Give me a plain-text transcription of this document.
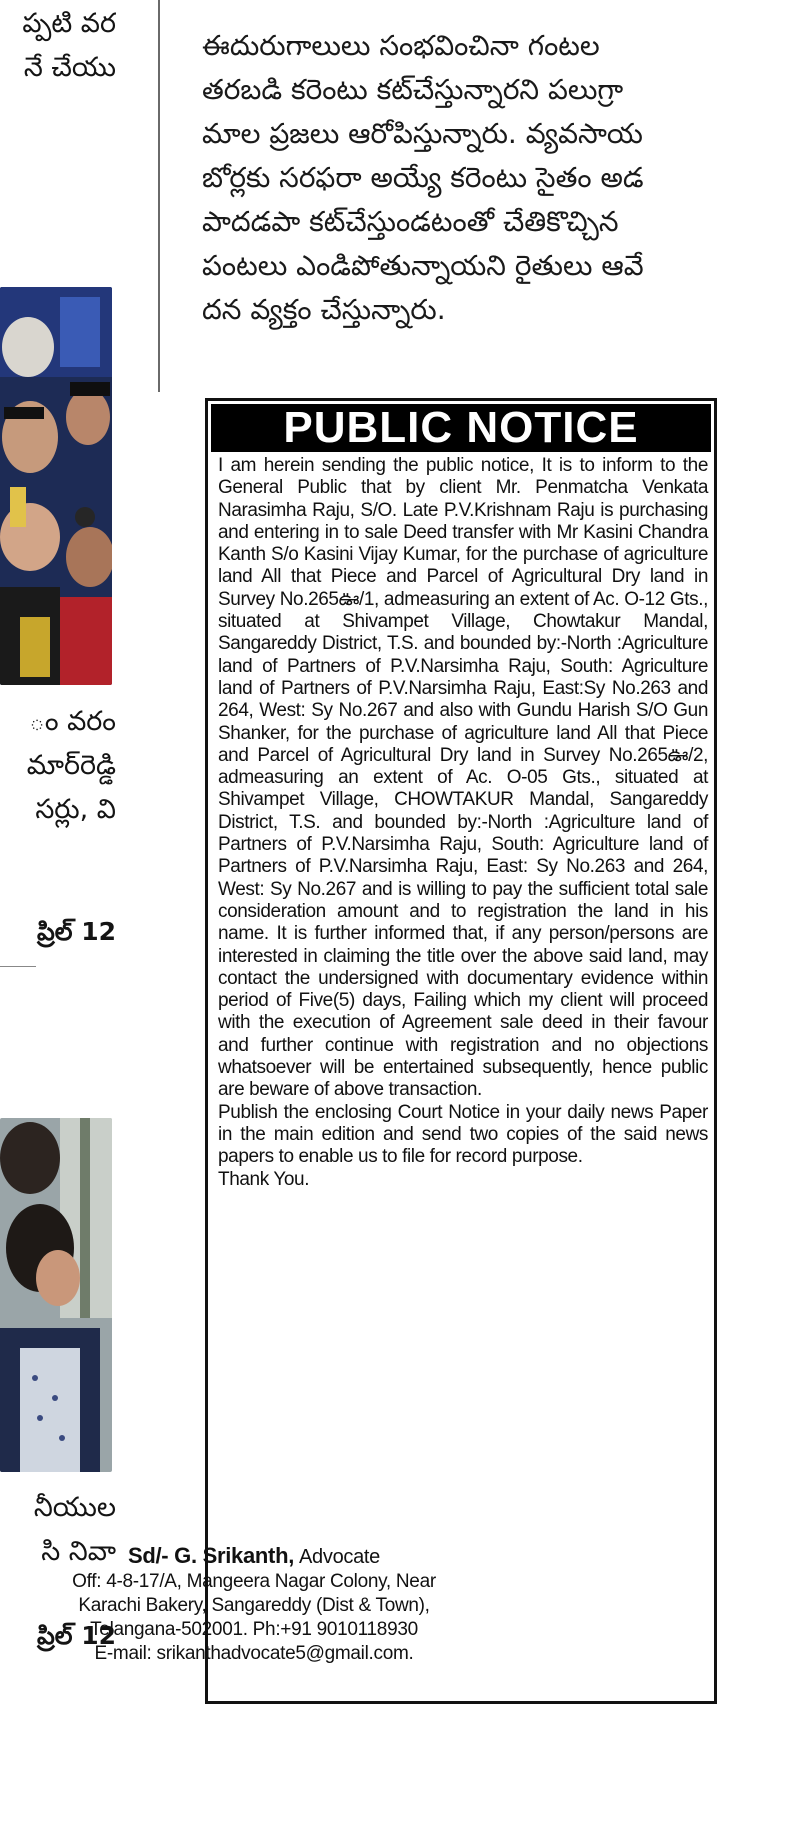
ప్పటి వర
నే చేయు
ం వరం
మార్‌రెడ్డి
సర్లు, వి
ప్రిల్ 12
నీయుల
సి నివా
ప్రిల్ 12
ఈదురుగాలులు సంభవించినా గంటల
తరబడి కరెంటు కట్‌చేస్తున్నారని పలుగ్రా
మాల ప్రజలు ఆరోపిస్తున్నారు. వ్యవసాయ
బోర్లకు సరఫరా అయ్యే కరెంటు సైతం అడ
పాదడపా కట్‌చేస్తుండటంతో చేతికొచ్చిన
పంటలు ఎండిపోతున్నాయని రైతులు ఆవే
దన వ్యక్తం చేస్తున్నారు.
PUBLIC NOTICE

I am herein sending the public notice, It is to inform to the General Public that by client Mr. Penmatcha Venkata Narasimha Raju, S/O. Late P.V.Krishnam Raju is purchasing and entering in to sale Deed transfer with Mr Kasini Chandra Kanth S/o Kasini Vijay Kumar, for the purchase of agriculture land All that Piece and Parcel of Agricultural Dry land in Survey No.265ఊ/1, admeasuring an extent of Ac. O-12 Gts., situated at Shivampet Village, Chowtakur Mandal, Sangareddy District, T.S. and bounded by:-North :Agriculture land of Partners of P.V.Narsimha Raju, South: Agriculture land of Partners of P.V.Narsimha Raju, East:Sy No.263 and 264, West: Sy No.267 and also with Gundu Harish S/O Gun Shanker, for the purchase of agriculture land All that Piece and Parcel of Agricultural Dry land in Survey No.265ఊ/2, admeasuring an extent of Ac. O-05 Gts., situated at Shivampet Village, CHOWTAKUR Mandal, Sangareddy District, T.S. and bounded by:-North :Agriculture land of Partners of P.V.Narsimha Raju, South: Agriculture land of Partners of P.V.Narsimha Raju, East: Sy No.263 and 264, West: Sy No.267 and is willing to pay the sufficient total sale consideration amount and to registration the land in his name. It is further informed that, if any person/persons are interested in claiming the title over the above said land, may contact the undersigned with documentary evidence within period of Five(5) days, Failing which my client will proceed with the execution of Agreement sale deed in their favour and further continue with registration and no objections whatsoever will be entertained subsequently, hence public are beware of above transaction.

Publish the enclosing Court Notice in your daily news Paper in the main edition and send two copies of the said news papers to enable us to file for record purpose.

Thank You.

Sd/- G. Srikanth, Advocate
Off: 4-8-17/A, Mangeera Nagar Colony, Near
Karachi Bakery, Sangareddy (Dist & Town),
Telangana-502001. Ph:+91 9010118930
E-mail: srikanthadvocate5@gmail.com.
